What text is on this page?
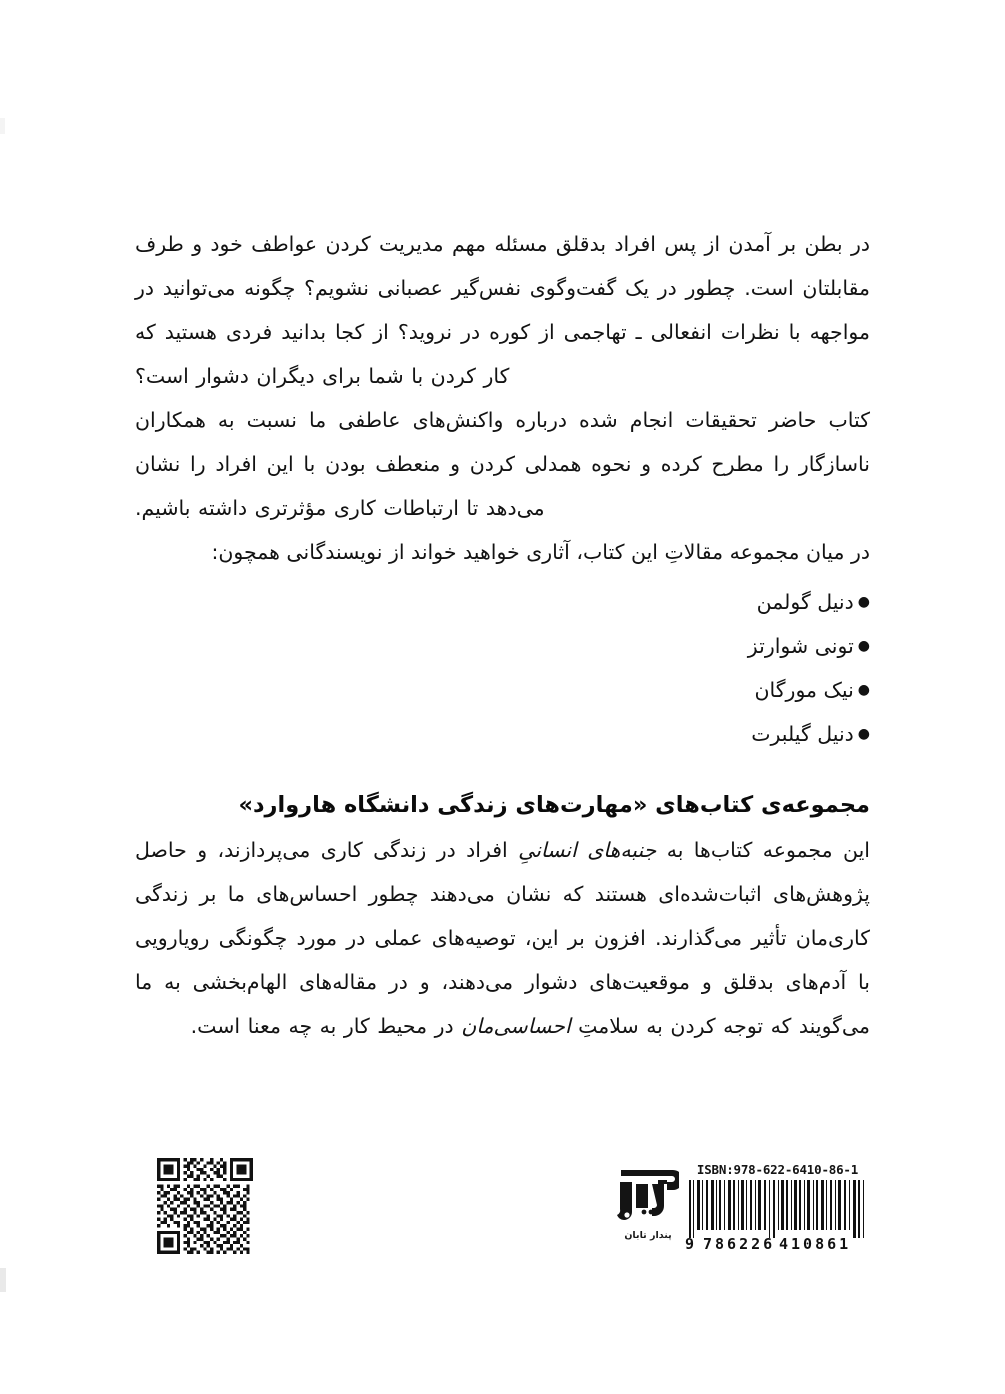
در بطن بر آمدن از پس افراد بدقلق مسئله مهم مدیریت کردن عواطف خود و طرف مقابلتان است. چطور در یک گفت‌وگوی نفس‌گیر عصبانی نشویم؟ چگونه می‌توانید در مواجهه با نظرات انفعالی ـ تهاجمی از کوره در نروید؟ از کجا بدانید فردی هستید که کار کردن با شما برای دیگران دشوار است؟

کتاب حاضر تحقیقات انجام شده درباره واکنش‌های عاطفی ما نسبت به همکاران ناسازگار را مطرح کرده و نحوه همدلی کردن و منعطف بودن با این افراد را نشان می‌دهد تا ارتباطات کاری مؤثرتری داشته باشیم.

در میان مجموعه مقالاتِ این کتاب، آثاری خواهید خواند از نویسندگانی همچون:

●دنیل گولمن
●تونی شوارتز
●نیک مورگان
●دنیل گیلبرت
مجموعه‌ی کتاب‌های «مهارت‌های زندگی دانشگاه هاروارد»

این مجموعه کتاب‌ها به جنبه‌های انسانیِ افراد در زندگی کاری می‌پردازند، و حاصل پژوهش‌های اثبات‌شده‌ای هستند که نشان می‌دهند چطور احساس‌های ما بر زندگی کاری‌مان تأثیر می‌گذارند. افزون بر این، توصیه‌های عملی در مورد چگونگی رویارویی با آدم‌های بدقلق و موقعیت‌های دشوار می‌دهند، و در مقاله‌های الهام‌بخشی به ما می‌گویند که توجه کردن به سلامتِ احساسی‌مان در محیط کار به چه معنا است.

پندار تابان
ISBN:978-622-6410-86-1
9 786226 410861
